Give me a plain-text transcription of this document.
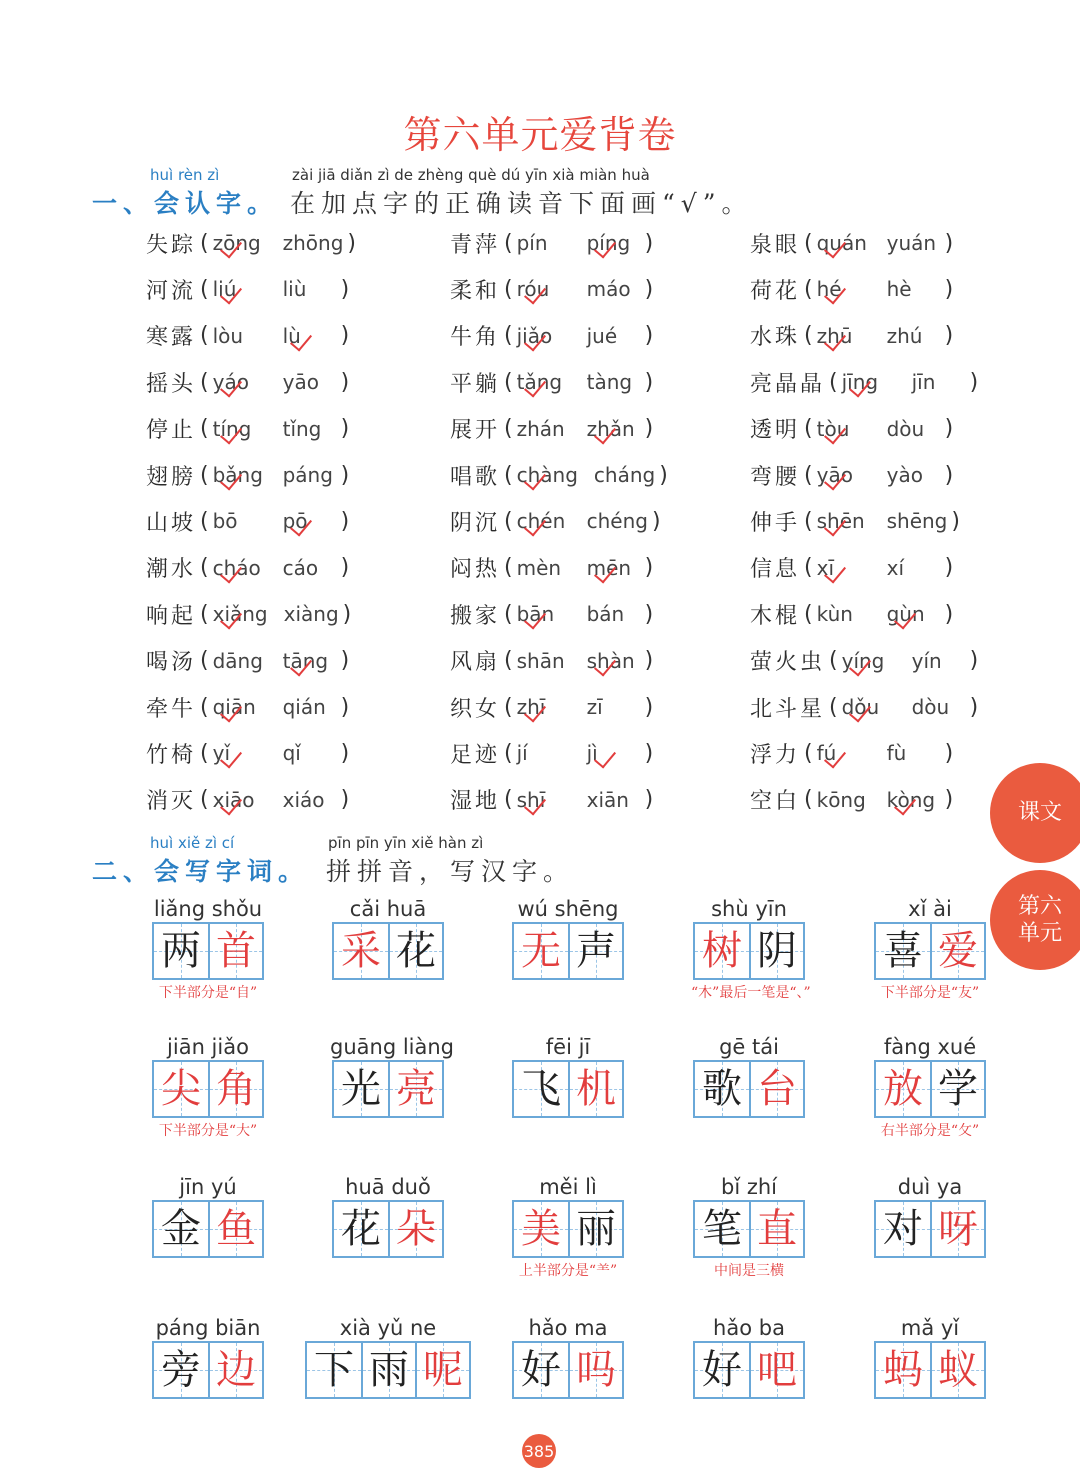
第六单元爱背卷
huì rèn zì
一、会认字。
zài jiā diǎn zì de zhèng què dú yīn xià miàn huà
在加点字的正确读音下面画“√”。
失踪 ( zōng zhōng )
河流 ( liú	liù	)
寒露 ( lòu	lù	)
摇头 ( yáo	yāo )
停止 ( tíng	tǐng )
翅膀 ( bǎng páng )
山坡 ( bō	pō	)
潮水 ( cháo cáo	)
响起 ( xiǎng xiàng )
喝汤 ( dāng tāng )
牵牛 ( qiān	qián )
竹椅 ( yǐ	qǐ	)
消灭 ( xiāo	xiáo )
青萍 ( pín	píng )
柔和 ( róu	máo )
牛角 ( jiǎo	jué	)
平躺 ( tǎng	tàng )
展开 ( zhán zhǎn )
唱歌 ( chàng cháng )
阴沉 ( chén chéng )
闷热 ( mèn	mēn )
搬家 ( bān	bán )
风扇 ( shān shàn )
织女 ( zhī	zī	)
足迹 ( jí	jì	)
湿地 ( shī	xiān )
泉眼 ( quán yuán )
荷花 ( hé	hè	)
水珠 ( zhū	zhú	)
亮晶晶 ( jīng	jīn	)
透明 ( tòu	dòu )
弯腰 ( yāo	yào )
伸手 ( shēn shēng )
信息 ( xī	xí	)
木棍 ( kùn	gùn )
萤火虫 ( yíng	yín	)
北斗星 ( dǒu	dòu )
浮力 ( fú	fù	)
空白 ( kōng kòng )
huì xiě zì cí
二、会写字词。
pīn pīn yīn xiě hàn zì
拼拼音，写汉字。
liǎng shǒu
两 首
下半部分是“自”
cǎi huā
采 花
wú shēng
无 声
shù yīn
树 阴
“木”最后一笔是“、”
xǐ ài
喜 爱
下半部分是“友”
jiān jiǎo
尖 角
下半部分是“大”
guāng liàng
光 亮
fēi jī
飞 机
gē tái
歌 台
fàng xué
放 学
右半部分是“攵”
jīn yú
金 鱼
huā duǒ
花 朵
měi lì
美 丽
上半部分是“⺷”
bǐ zhí
笔 直
中间是三横
duì ya
对 呀
páng biān
旁 边
xià yǔ ne
下 雨 呢
hǎo ma
好 吗
hǎo ba
好 吧
mǎ yǐ
蚂 蚁
课文
第六单元
385
